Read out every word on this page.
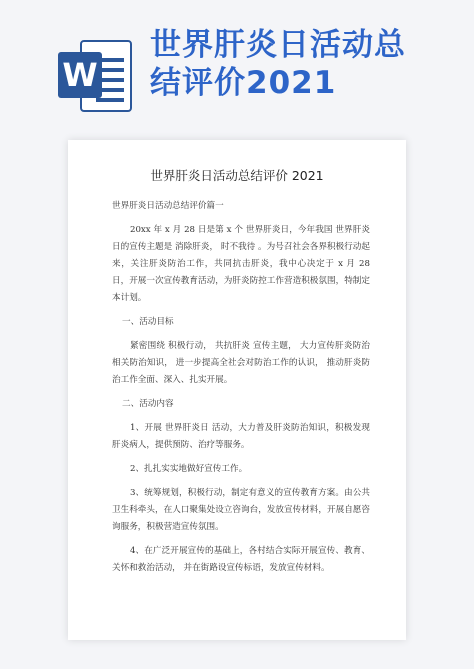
W
世界肝炎日活动总
结评价2021
世界肝炎日活动总结评价 2021

世界肝炎日活动总结评价篇一

20xx 年 x 月 28 日是第 x 个 世界肝炎日，今年我国 世界肝炎日的宣传主题是 消除肝炎， 时不我待 。为号召社会各界积极行动起来，关注肝炎防治工作，共同抗击肝炎，我中心决定于 x 月 28 日，开展一次宣传教育活动，为肝炎防控工作营造积极氛围，特制定本计划。

一、活动目标

紧密围绕 积极行动， 共抗肝炎 宣传主题， 大力宣传肝炎防治相关防治知识， 进一步提高全社会对防治工作的认识， 推动肝炎防治工作全面、深入、扎实开展。

二、活动内容

1、开展 世界肝炎日 活动，大力普及肝炎防治知识，积极发现肝炎病人，提供预防、治疗等服务。

2、扎扎实实地做好宣传工作。

3、统筹规划，积极行动，制定有意义的宣传教育方案。由公共卫生科牵头，在人口聚集处设立咨询台，发放宣传材料，开展自愿咨询服务，积极营造宣传氛围。

4、在广泛开展宣传的基础上，各村结合实际开展宣传、教育、关怀和救治活动， 并在街路设宣传标语，发放宣传材料。
